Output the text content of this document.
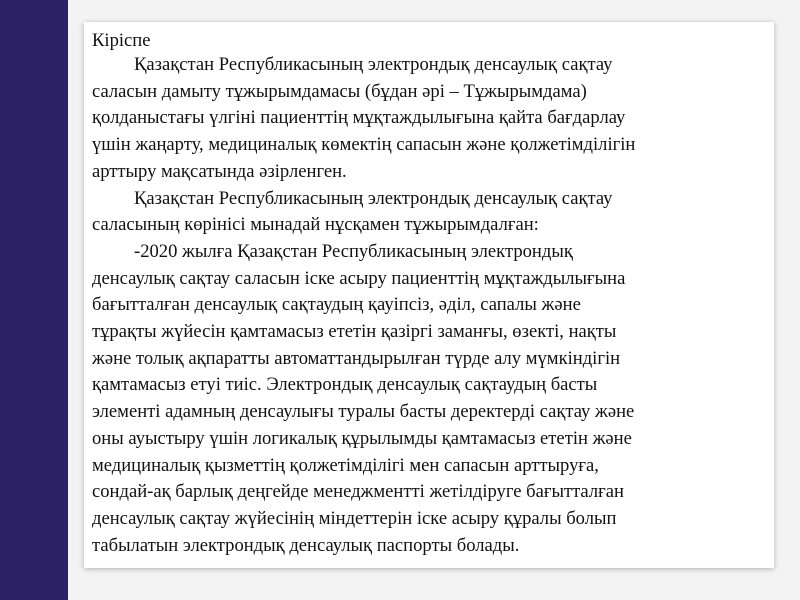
Кіріспе
Қазақстан Республикасының электрондық денсаулық сақтау
саласын дамыту тұжырымдамасы (бұдан әрі – Тұжырымдама)
қолданыстағы үлгіні пациенттің мұқтаждылығына қайта бағдарлау
үшін жаңарту, медициналық көмектің сапасын және қолжетімділігін
арттыру мақсатында әзірленген.
Қазақстан Республикасының электрондық денсаулық сақтау
саласының көрінісі мынадай нұсқамен тұжырымдалған:
-2020 жылға Қазақстан Республикасының электрондық
денсаулық сақтау саласын іске асыру пациенттің мұқтаждылығына
бағытталған денсаулық сақтаудың қауіпсіз, әділ, сапалы және
тұрақты жүйесін қамтамасыз ететін қазіргі заманғы, өзекті, нақты
және толық ақпаратты автоматтандырылған түрде алу мүмкіндігін
қамтамасыз етуі тиіс. Электрондық денсаулық сақтаудың басты
элементі адамның денсаулығы туралы басты деректерді сақтау және
оны ауыстыру үшін логикалық құрылымды қамтамасыз ететін және
медициналық қызметтің қолжетімділігі мен сапасын арттыруға,
сондай-ақ барлық деңгейде менеджментті жетілдіруге бағытталған
денсаулық сақтау жүйесінің міндеттерін іске асыру құралы болып
табылатын электрондық денсаулық паспорты болады.
